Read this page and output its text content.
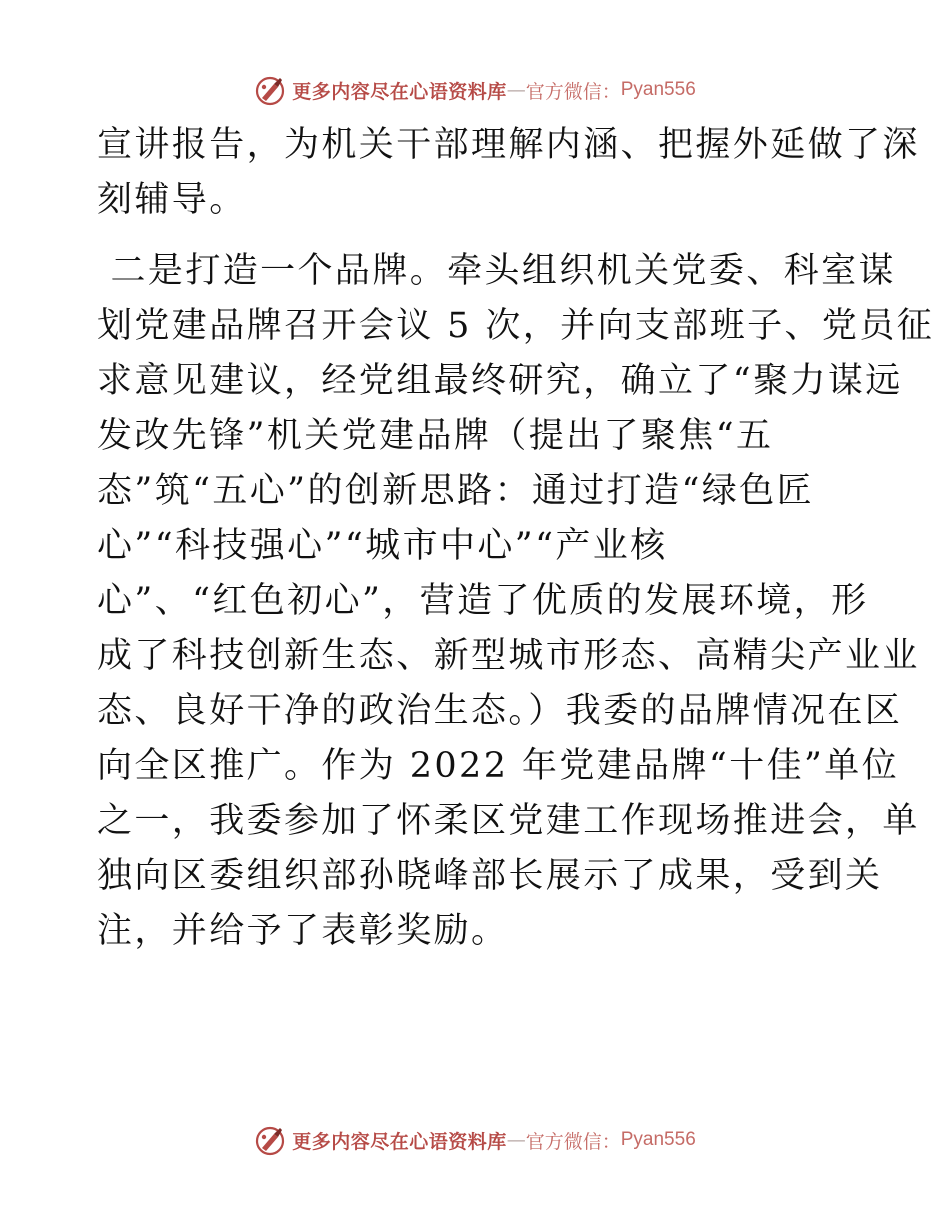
更多内容尽在心语资料库 — 官方微信： Pyan556
宣讲报告，为机关干部理解内涵、把握外延做了深
刻辅导。
二是打造一个品牌。牵头组织机关党委、科室谋
划党建品牌召开会议 5 次，并向支部班子、党员征
求意见建议，经党组最终研究，确立了“聚力谋远
发改先锋”机关党建品牌（提出了聚焦“五
态”筑“五心”的创新思路：通过打造“绿色匠
心”“科技强心”“城市中心”“产业核
心”、“红色初心”，营造了优质的发展环境，形
成了科技创新生态、新型城市形态、高精尖产业业
态、良好干净的政治生态。）我委的品牌情况在区
向全区推广。作为 2022 年党建品牌“十佳”单位
之一，我委参加了怀柔区党建工作现场推进会，单
独向区委组织部孙晓峰部长展示了成果，受到关
注，并给予了表彰奖励。
更多内容尽在心语资料库 — 官方微信： Pyan556
